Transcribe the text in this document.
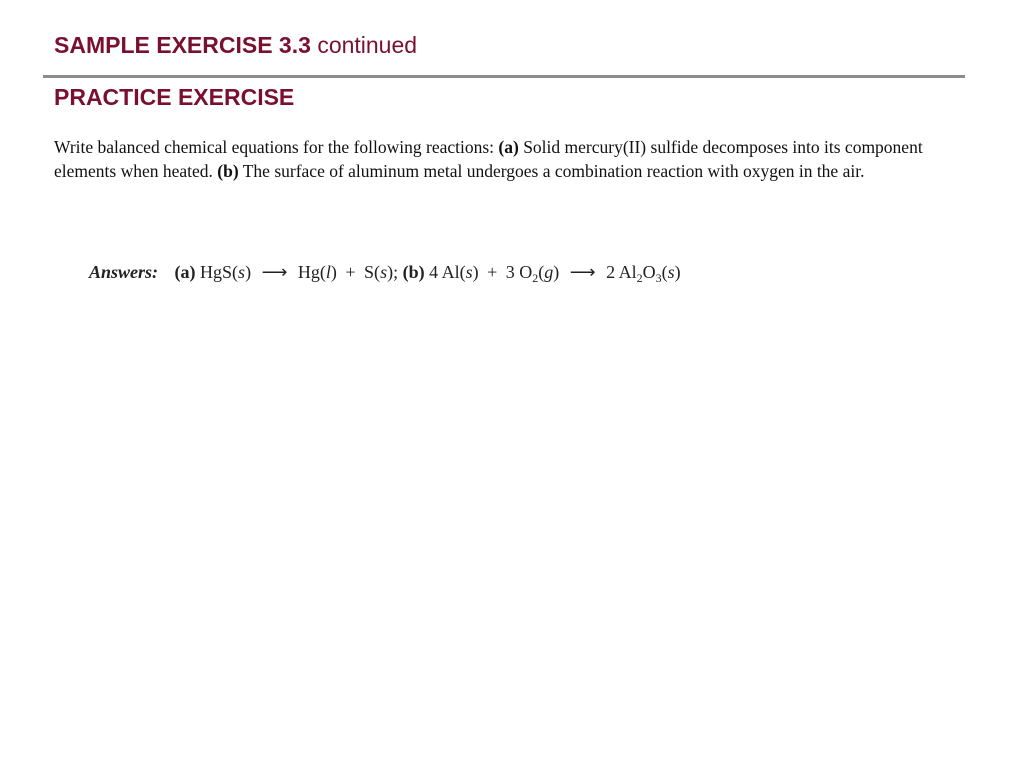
SAMPLE EXERCISE 3.3 continued
PRACTICE EXERCISE

Write balanced chemical equations for the following reactions: (a) Solid mercury(II) sulfide decomposes into its component elements when heated. (b) The surface of aluminum metal undergoes a combination reaction with oxygen in the air.

Answers: (a) HgS(s) ⟶ Hg(l) + S(s); (b) 4 Al(s) + 3 $O_2(g)$ ⟶ 2 $Al_2O_3(s)$
